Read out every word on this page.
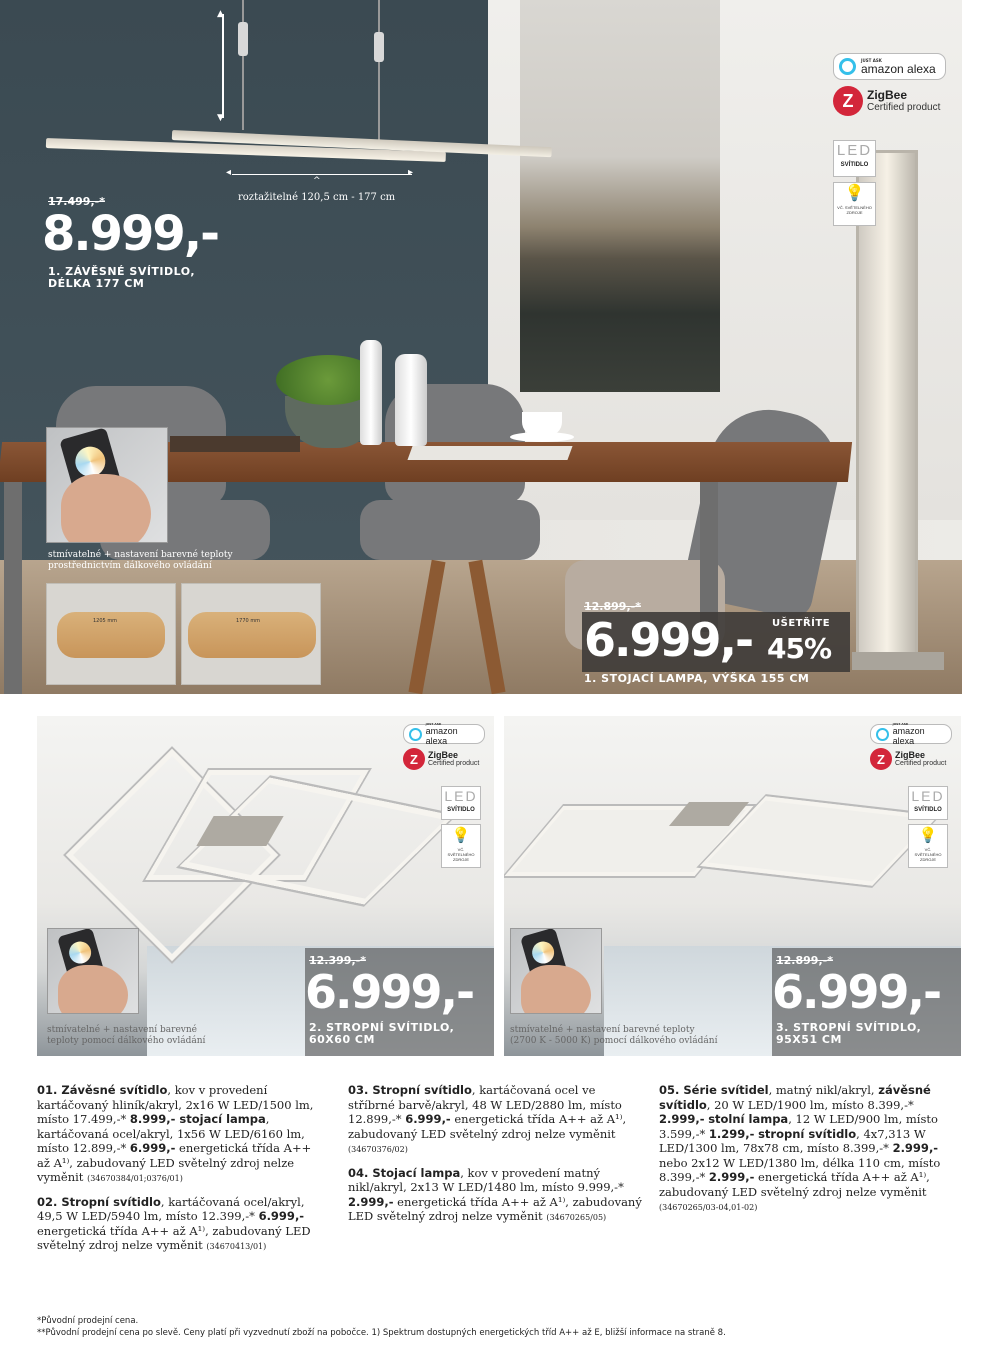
▲
▼
◂	▸
^
roztažitelné 120,5 cm - 177 cm
17.499,-*
8.999,-
1. ZÁVĚSNÉ SVÍTIDLO,
DÉLKA 177 CM
stmívatelné + nastavení barevné teploty
prostřednictvím dálkového ovládání
1205 mm	1770 mm
JUST ASK
amazon alexa
Z	ZigBee
Certified product
LED
SVÍTIDLO
💡
VČ. SVĚTELNÉHO ZDROJE
12.899,-*
6.999,- UŠETŘÍTE
45%
1. STOJACÍ LAMPA, VÝŠKA 155 CM
stmívatelné + nastavení barevné
teploty pomocí dálkového ovládání
12.399,-*
6.999,-
2. STROPNÍ SVÍTIDLO,
60X60 CM
JUST ASK
amazon alexa
Z	ZigBee
Certified product
LED
SVÍTIDLO
💡
VČ. SVĚTELNÉHO ZDROJE
stmívatelné + nastavení barevné teploty
(2700 K - 5000 K) pomocí dálkového ovládání
12.899,-*
6.999,-
3. STROPNÍ SVÍTIDLO,
95X51 CM
JUST ASK
amazon alexa
Z	ZigBee
Certified product
LED
SVÍTIDLO
💡
VČ. SVĚTELNÉHO ZDROJE

01. Závěsné svítidlo, kov v provedení kartáčovaný hliník/akryl, 2x16 W LED/1500 lm, místo 17.499,-* 8.999,- stojací lampa, kartáčovaná ocel/akryl, 1x56 W LED/6160 lm, místo 12.899,-* 6.999,- energetická třída A++ až A¹⁾, zabudovaný LED světelný zdroj nelze vyměnit (34670384/01;0376/01)

02. Stropní svítidlo, kartáčovaná ocel/akryl, 49,5 W LED/5940 lm, místo 12.399,-* 6.999,- energetická třída A++ až A¹⁾, zabudovaný LED světelný zdroj nelze vyměnit (34670413/01)

03. Stropní svítidlo, kartáčovaná ocel ve stříbrné barvě/akryl, 48 W LED/2880 lm, místo 12.899,-* 6.999,- energetická třída A++ až A¹⁾, zabudovaný LED světelný zdroj nelze vyměnit (34670376/02)

04. Stojací lampa, kov v provedení matný nikl/akryl, 2x13 W LED/1480 lm, místo 9.999,-* 2.999,- energetická třída A++ až A¹⁾, zabudovaný LED světelný zdroj nelze vyměnit (34670265/05)

05. Série svítidel, matný nikl/akryl, závěsné svítidlo, 20 W LED/1900 lm, místo 8.399,-* 2.999,- stolní lampa, 12 W LED/900 lm, místo 3.599,-* 1.299,- stropní svítidlo, 4x7,313 W LED/1300 lm, 78x78 cm, místo 8.399,-* 2.999,- nebo 2x12 W LED/1380 lm, délka 110 cm, místo 8.399,-* 2.999,- energetická třída A++ až A¹⁾, zabudovaný LED světelný zdroj nelze vyměnit (34670265/03-04,01-02)

*Původní prodejní cena.
**Původní prodejní cena po slevě. Ceny platí při vyzvednutí zboží na pobočce. 1) Spektrum dostupných energetických tříd A++ až E, bližší informace na straně 8.
